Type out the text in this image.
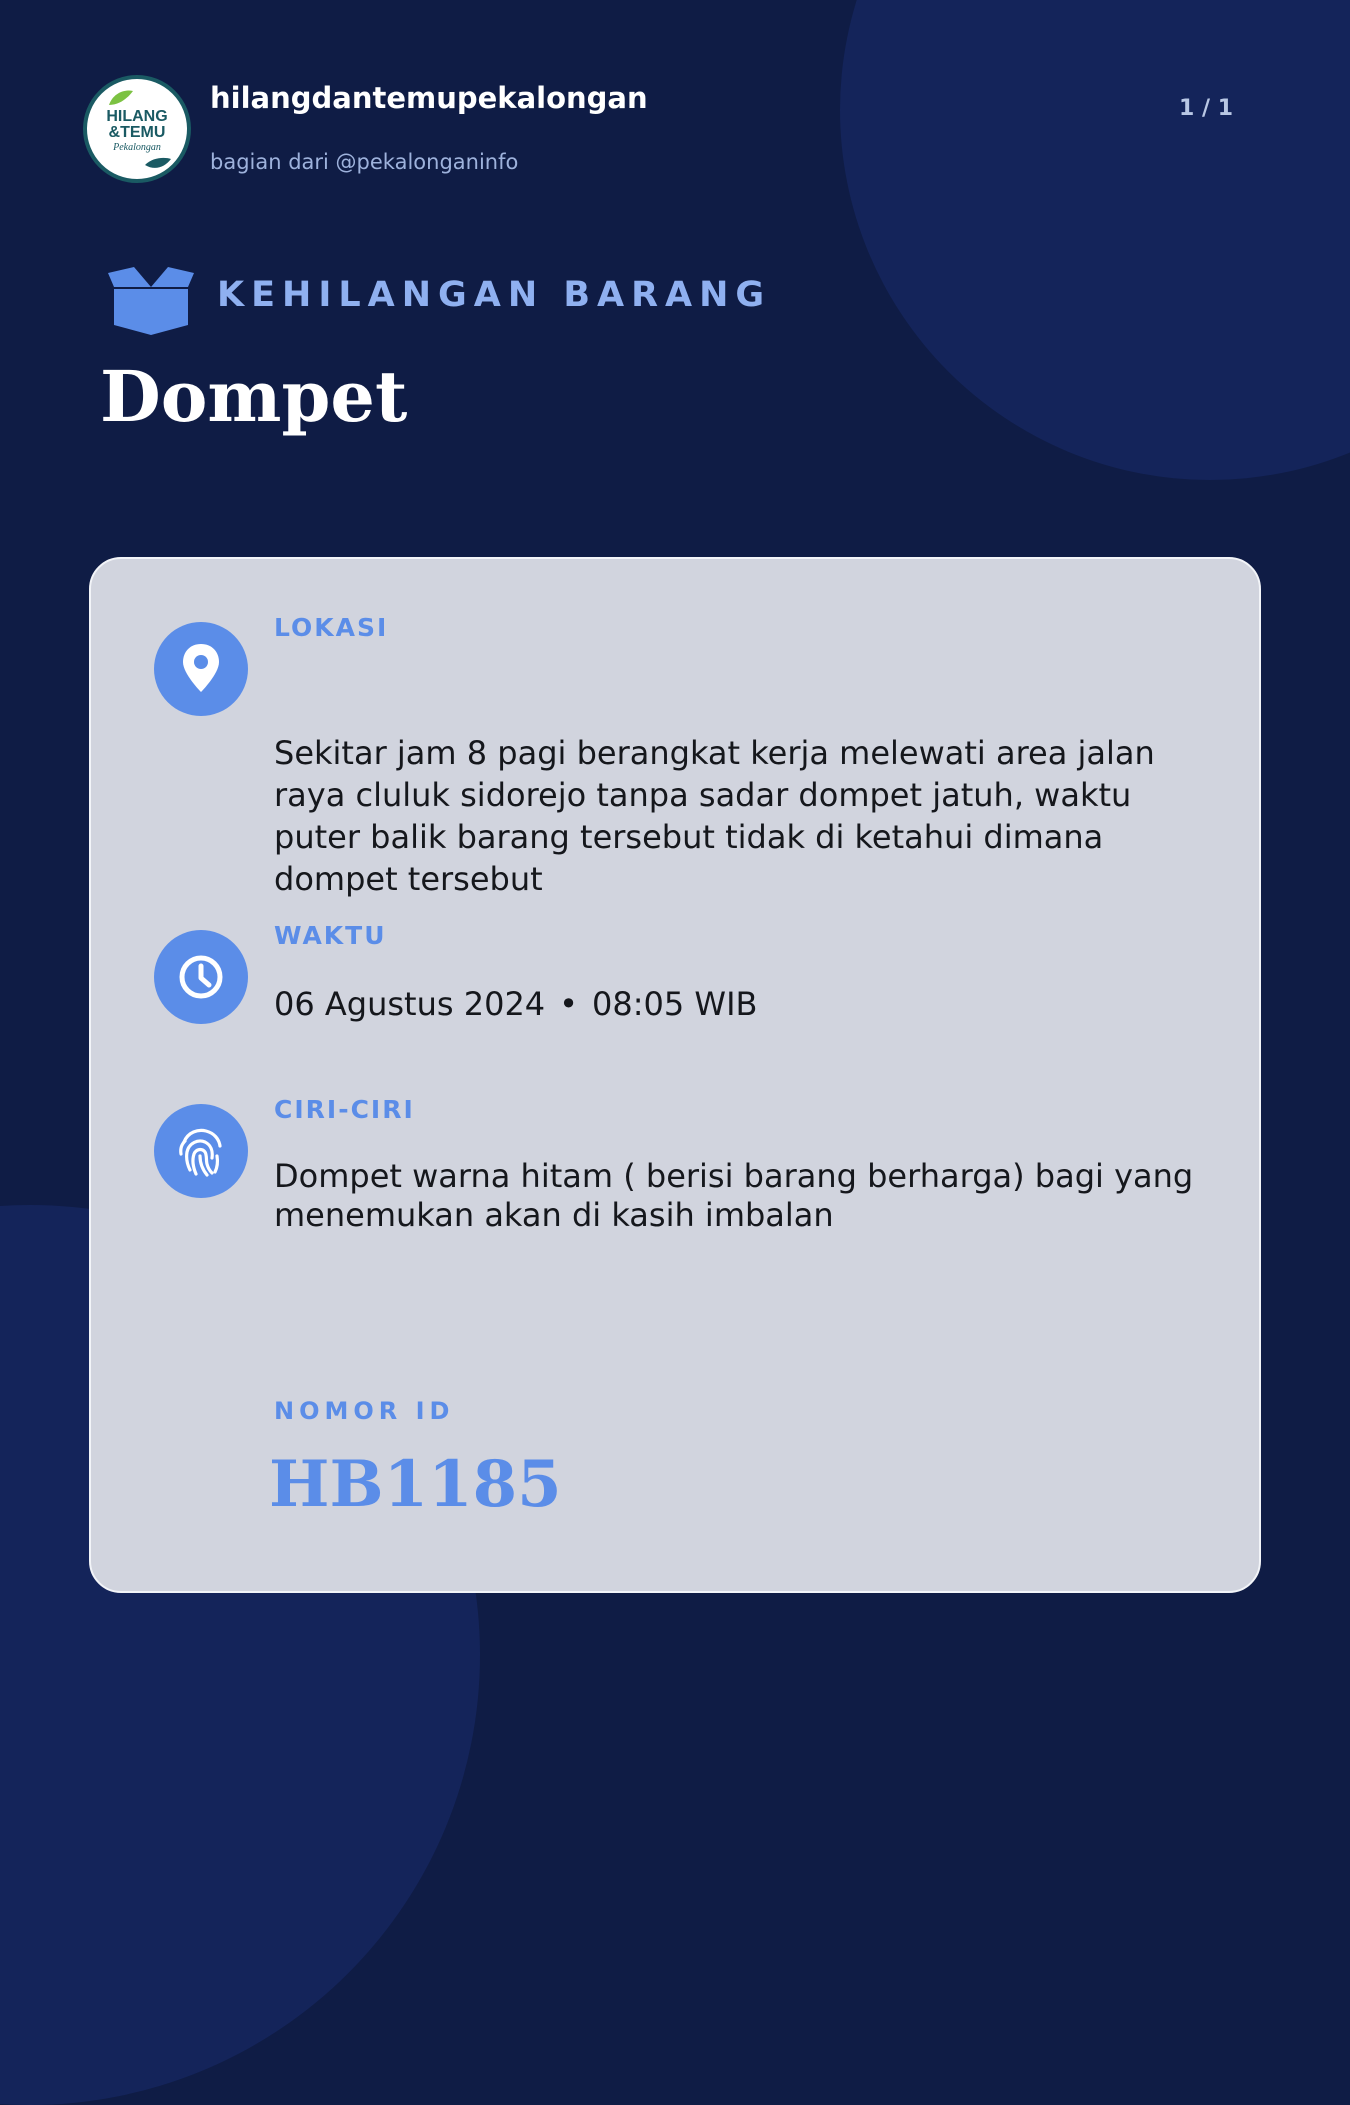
HILANG
&TEMU
Pekalongan
hilangdantemupekalongan
bagian dari @pekalonganinfo
1 / 1
KEHILANGAN BARANG
Dompet
LOKASI
Sekitar jam 8 pagi berangkat kerja melewati area jalan raya cluluk sidorejo tanpa sadar dompet jatuh, waktu puter balik barang tersebut tidak di ketahui dimana dompet tersebut
WAKTU
06 Agustus 2024 • 08:05 WIB
CIRI-CIRI
Dompet warna hitam ( berisi barang berharga) bagi yang menemukan akan di kasih imbalan
NOMOR ID
HB1185
